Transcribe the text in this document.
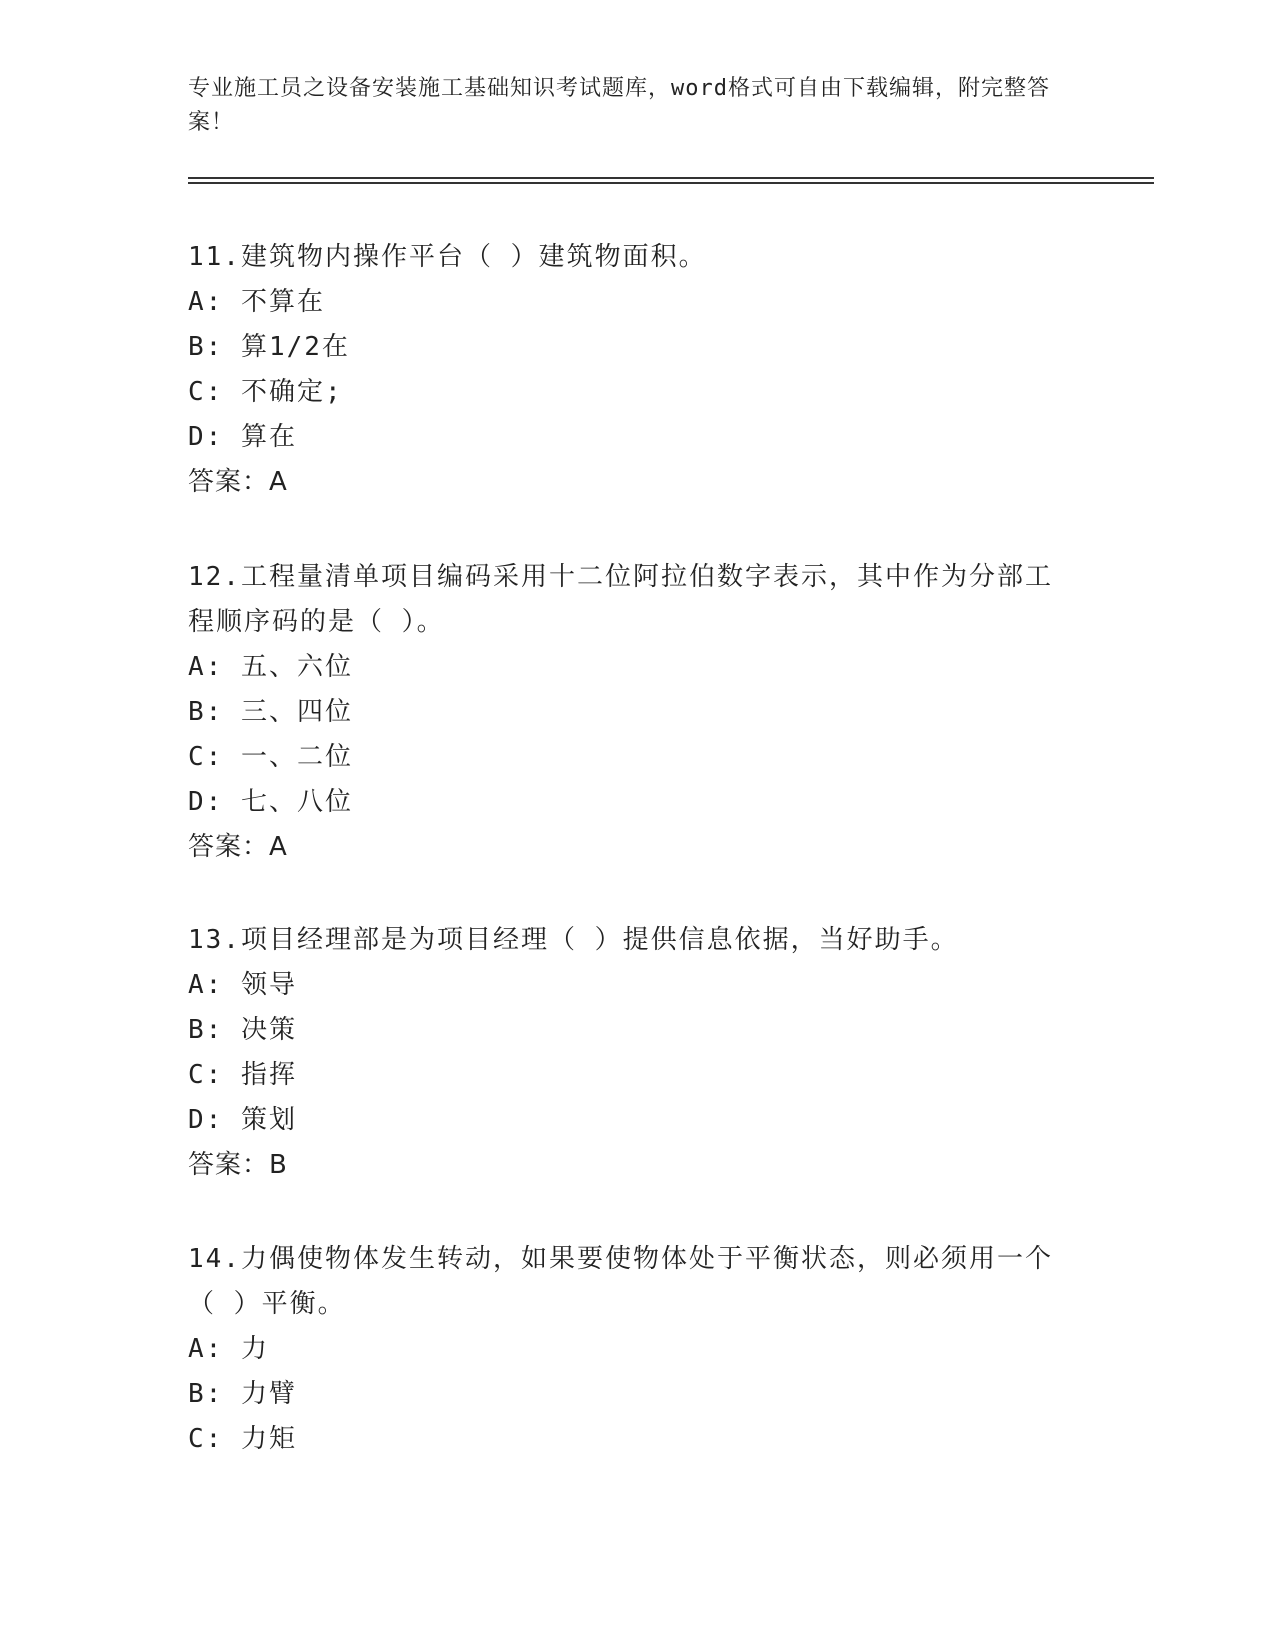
专业施工员之设备安装施工基础知识考试题库，word格式可自由下载编辑，附完整答案！

11.建筑物内操作平台（ ）建筑物面积。

A: 不算在

B: 算1/2在

C: 不确定;

D: 算在

答案：A

12.工程量清单项目编码采用十二位阿拉伯数字表示，其中作为分部工程顺序码的是（ ）。

A: 五、六位

B: 三、四位

C: 一、二位

D: 七、八位

答案：A

13.项目经理部是为项目经理（ ）提供信息依据，当好助手。

A: 领导

B: 决策

C: 指挥

D: 策划

答案：B

14.力偶使物体发生转动，如果要使物体处于平衡状态，则必须用一个（ ）平衡。

A: 力

B: 力臂

C: 力矩
